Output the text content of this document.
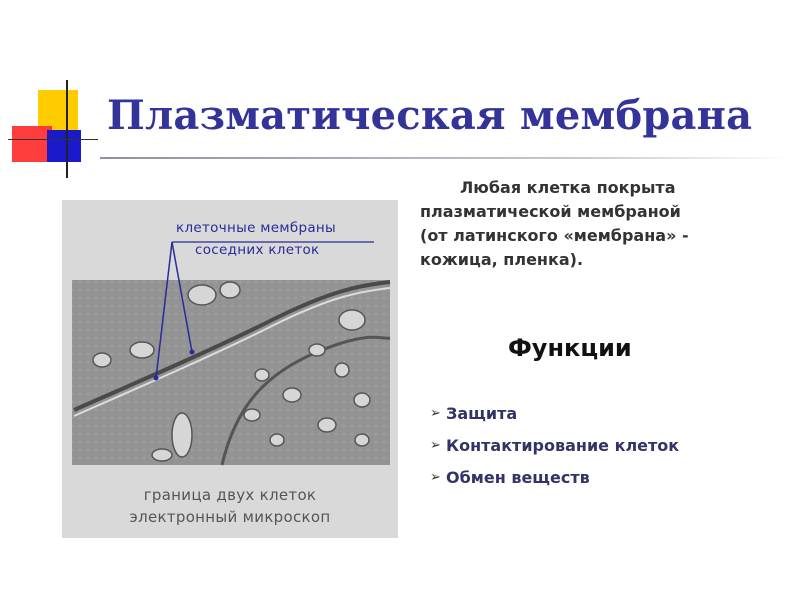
Плазматическая мембрана
клеточные мембраны
соседних клеток
граница двух клеток
электронный микроскоп
Любая клетка покрыта
плазматической мембраной
(от латинского «мембрана» -
кожица, пленка).
Функции
➢ Защита
➢ Контактирование клеток
➢ Обмен веществ
